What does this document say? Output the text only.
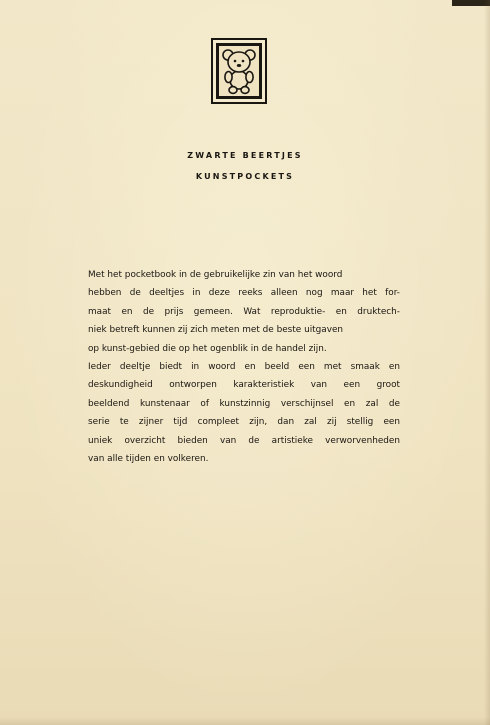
ZWARTE BEERTJES
KUNSTPOCKETS

Met het pocketbook in de gebruikelijke zin van het woord
hebben de deeltjes in deze reeks alleen nog maar het for-
maat en de prijs gemeen. Wat reproduktie- en druktech-
niek betreft kunnen zij zich meten met de beste uitgaven
op kunst-gebied die op het ogenblik in de handel zijn.
Ieder deeltje biedt in woord en beeld een met smaak en
deskundigheid ontworpen karakteristiek van een groot
beeldend kunstenaar of kunstzinnig verschijnsel en zal de
serie te zijner tijd compleet zijn, dan zal zij stellig een
uniek overzicht bieden van de artistieke verworvenheden
van alle tijden en volkeren.
